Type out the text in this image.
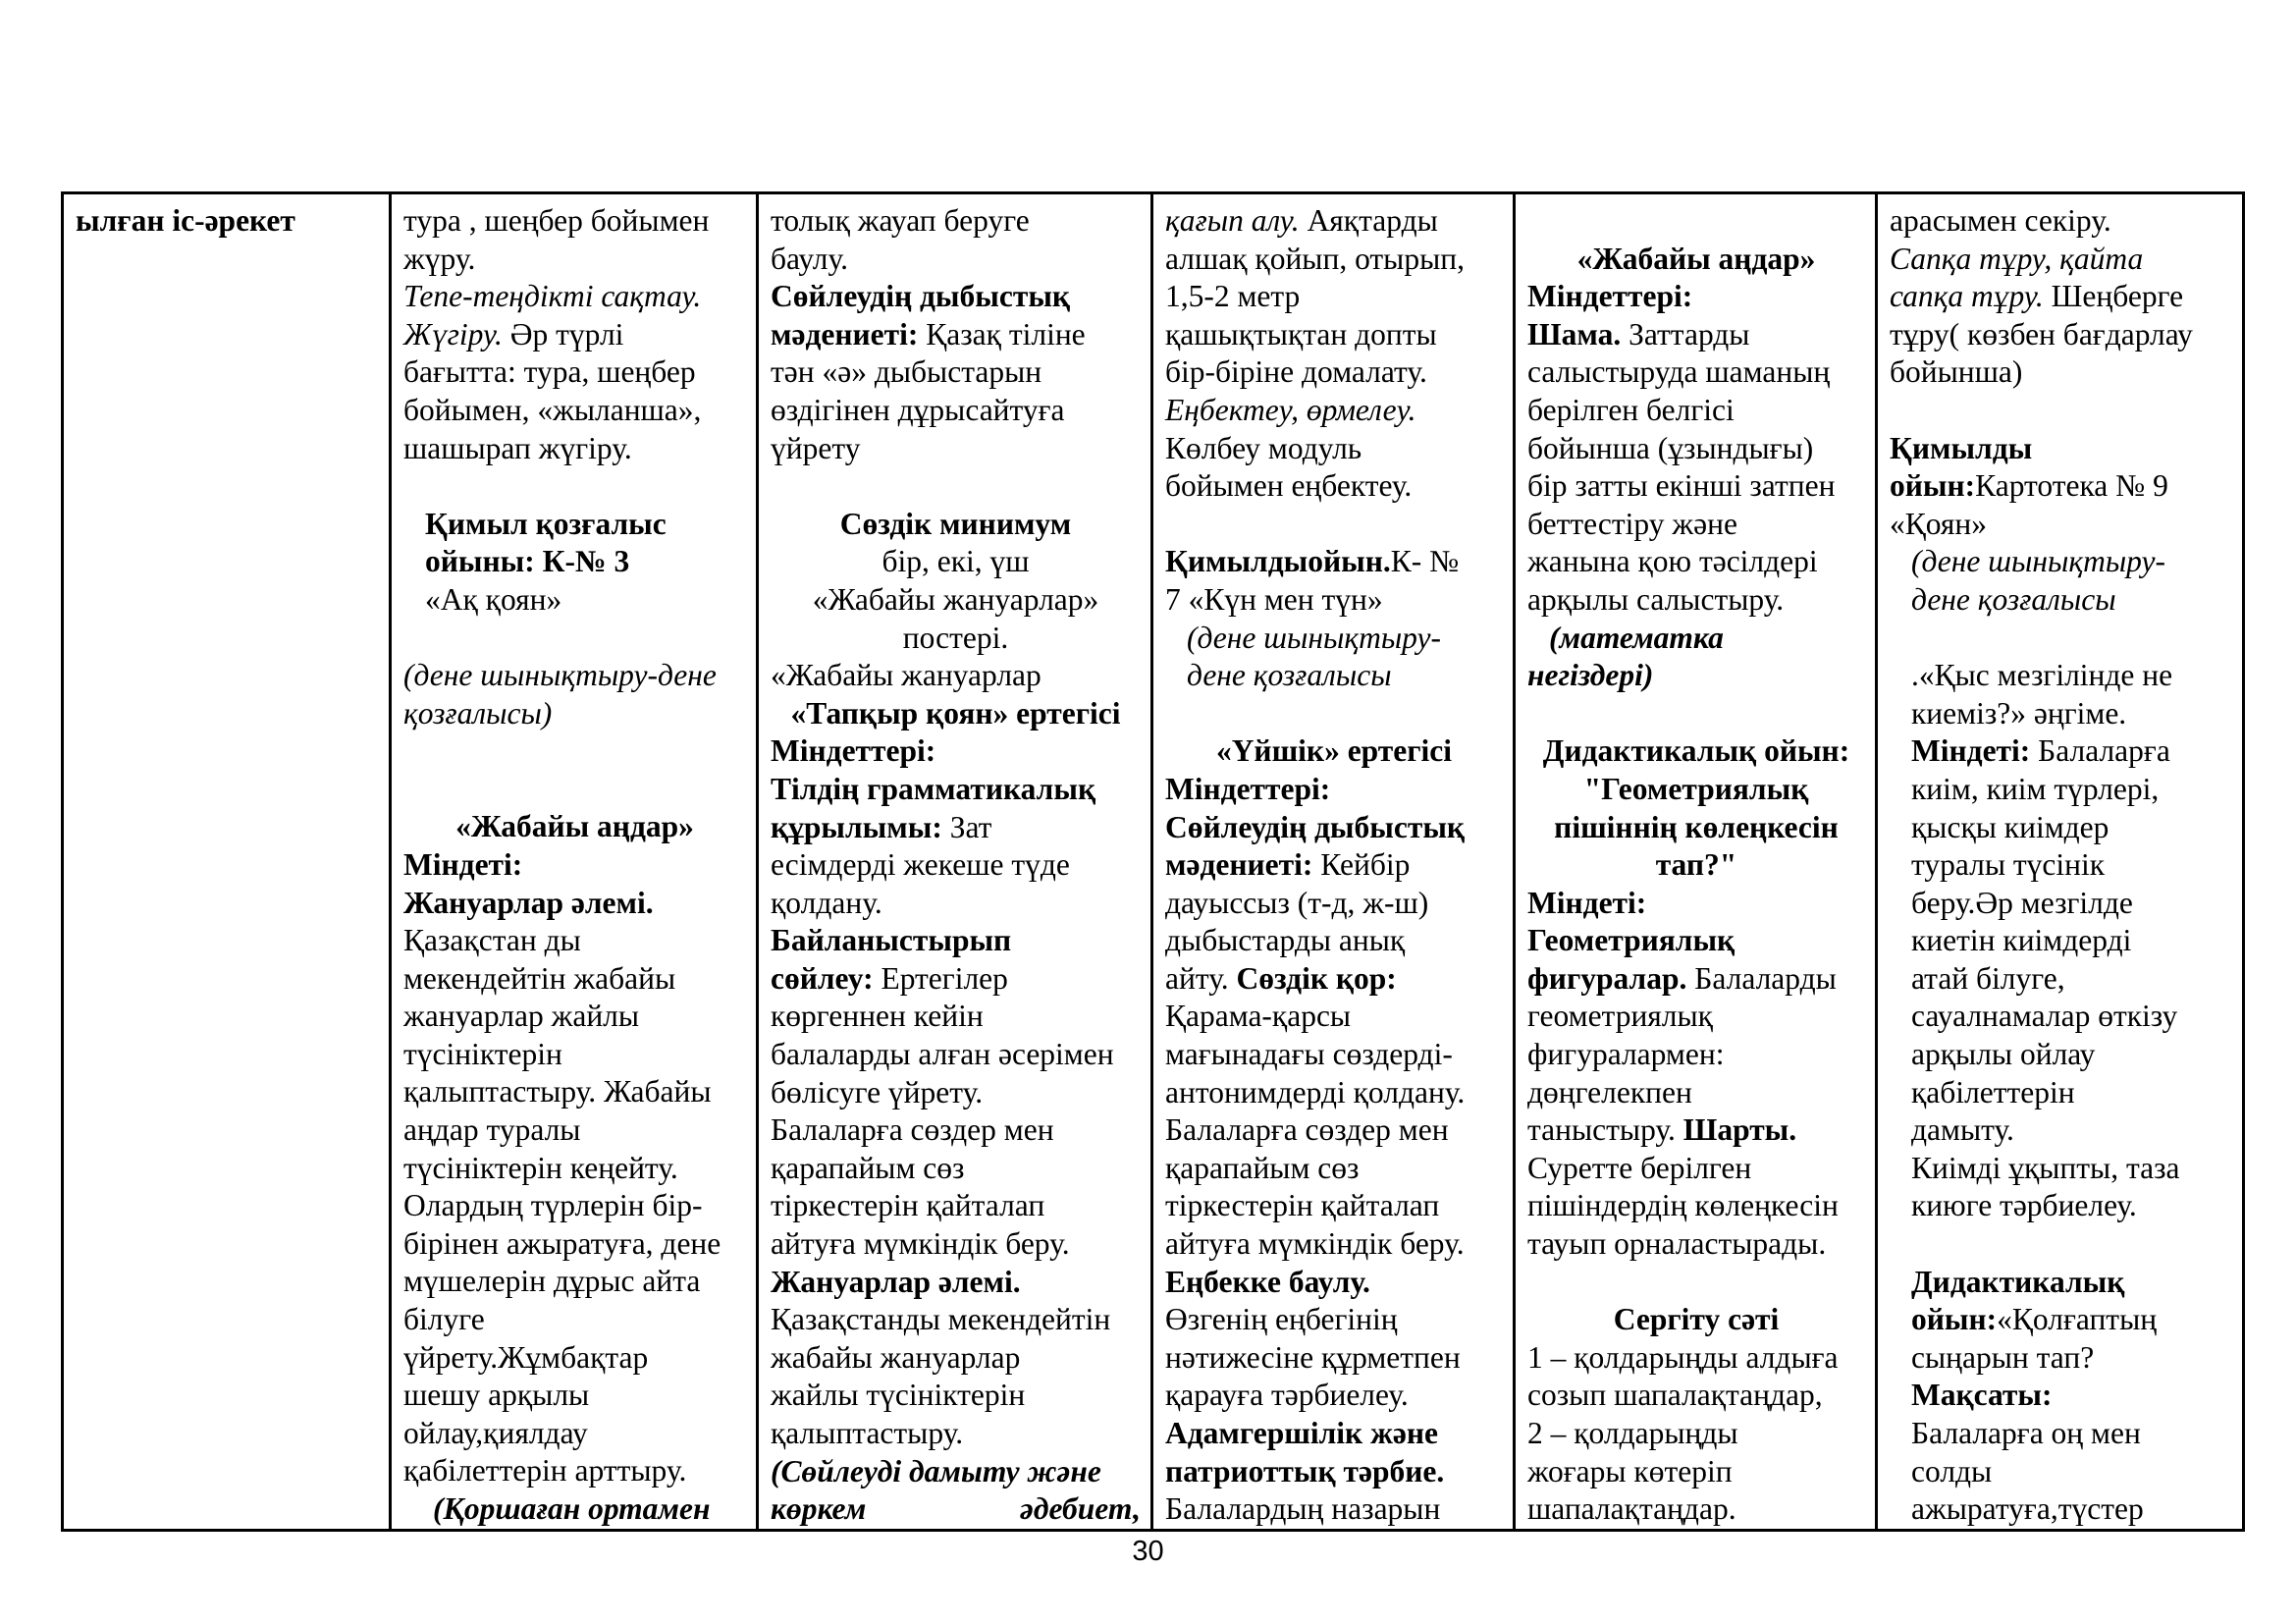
ылған іс-әрекет	тура , шеңбер бойымен
жүру.
Тепе-теңдікті сақтау.
Жүгіру. Әр түрлі
бағытта: тура, шеңбер
бойымен, «жыланша»,
шашырап жүгіру.
Қимыл қозғалыс
ойыны: К-№ 3
«Ақ қоян»
(дене шынықтыру-дене
қозғалысы)
«Жабайы аңдар»
Міндеті:
Жануарлар әлемі.
Қазақстан ды
мекендейтін жабайы
жануарлар жайлы
түсініктерін
қалыптастыру. Жабайы
аңдар туралы
түсініктерін кеңейту.
Олардың түрлерін бір-
бірінен ажыратуға, дене
мүшелерін дұрыс айта
білуге
үйрету.Жұмбақтар
шешу арқылы
ойлау,қиялдау
қабілеттерін арттыру.
(Қоршаған ортамен

толық жауап беруге
баулу.
Сөйлеудің дыбыстық
мәдениеті: Қазақ тіліне
тән «ә» дыбыстарын
өздігінен дұрысайтуға
үйрету
Сөздік минимум
бір, екі, үш
«Жабайы жануарлар»
постері.
«Жабайы жануарлар
«Тапқыр қоян» ертегісі
Міндеттері:
Тілдің грамматикалық
құрылымы: Зат
есімдерді жекеше түде
қолдану.
Байланыстырып
сөйлеу: Ертегілер
көргеннен кейін
балаларды алған әсерімен
бөлісуге үйрету.
Балаларға сөздер мен
қарапайым сөз
тіркестерін қайталап
айтуға мүмкіндік беру.
Жануарлар әлемі.
Қазақстанды мекендейтін
жабайы жануарлар
жайлы түсініктерін
қалыптастыру.
(Сөйлеуді дамыту және
көркем	әдебиет,

қағып алу. Аяқтарды
алшақ қойып, отырып,
1,5-2 метр
қашықтықтан допты
бір-біріне домалату.
Еңбектеу, өрмелеу.
Көлбеу модуль
бойымен еңбектеу.
Қимылдыойын.К- №
7 «Күн мен түн»
(дене шынықтыру-
дене қозғалысы
«Үйшік» ертегісі
Міндеттері:
Сөйлеудің дыбыстық
мәдениеті: Кейбір
дауыссыз (т-д, ж-ш)
дыбыстарды анық
айту. Сөздік қор:
Қарама-қарсы
мағынадағы сөздерді-
антонимдерді қолдану.
Балаларға сөздер мен
қарапайым сөз
тіркестерін қайталап
айтуға мүмкіндік беру.
Еңбекке баулу.
Өзгенің еңбегінің
нәтижесіне құрметпен
қарауға тәрбиелеу.
Адамгершілік және
патриоттық тәрбие.
Балалардың назарын

«Жабайы аңдар»
Міндеттері:
Шама. Заттарды
салыстыруда шаманың
берілген белгісі
бойынша (ұзындығы)
бір затты екінші затпен
беттестіру және
жанына қою тәсілдері
арқылы салыстыру.
(математка
негіздері)
Дидактикалық ойын:
"Геометриялық
пішіннің көлеңкесін
тап?"
Міндеті:
Геометриялық
фигуралар. Балаларды
геометриялық
фигуралармен:
дөңгелекпен
таныстыру. Шарты.
Суретте берілген
пішіндердің көлеңкесін
тауып орналастырады.
Сергіту сәті
1 – қолдарыңды алдыға
созып шапалақтаңдар,
2 – қолдарыңды
жоғары көтеріп
шапалақтаңдар.

арасымен секіру.
Сапқа тұру, қайта
сапқа тұру. Шеңберге
тұру( көзбен бағдарлау
бойынша)
Қимылды
ойын:Картотека № 9
«Қоян»
(дене шынықтыру-
дене қозғалысы
.«Қыс мезгілінде не
киеміз?» әңгіме.
Міндеті: Балаларға
киім, киім түрлері,
қысқы киімдер
туралы түсінік
беру.Әр мезгілде
киетін киімдерді
атай білуге,
сауалнамалар өткізу
арқылы ойлау
қабілеттерін
дамыту.
Киімді ұқыпты, таза
киюге тәрбиелеу.
Дидактикалық
ойын:«Қолғаптың
сыңарын тап?
Мақсаты:
Балаларға оң мен
солды
ажыратуға,түстер
30
